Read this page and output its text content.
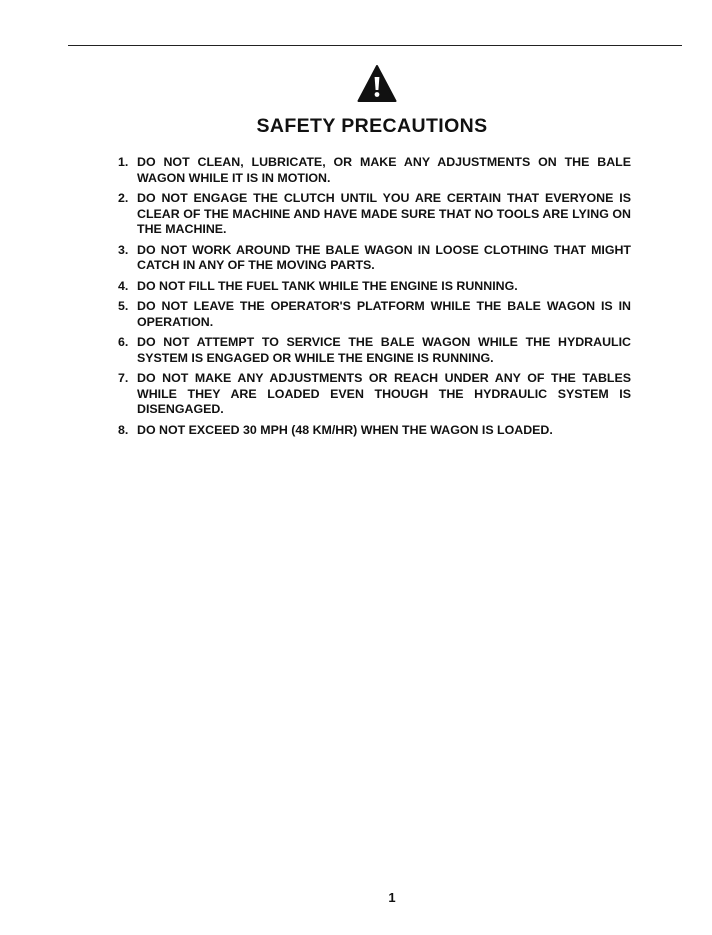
SAFETY PRECAUTIONS
1. DO NOT CLEAN, LUBRICATE, OR MAKE ANY ADJUSTMENTS ON THE BALE WAGON WHILE IT IS IN MOTION.
2. DO NOT ENGAGE THE CLUTCH UNTIL YOU ARE CERTAIN THAT EVERYONE IS CLEAR OF THE MACHINE AND HAVE MADE SURE THAT NO TOOLS ARE LYING ON THE MACHINE.
3. DO NOT WORK AROUND THE BALE WAGON IN LOOSE CLOTHING THAT MIGHT CATCH IN ANY OF THE MOVING PARTS.
4. DO NOT FILL THE FUEL TANK WHILE THE ENGINE IS RUNNING.
5. DO NOT LEAVE THE OPERATOR'S PLATFORM WHILE THE BALE WAGON IS IN OPERATION.
6. DO NOT ATTEMPT TO SERVICE THE BALE WAGON WHILE THE HYDRAULIC SYSTEM IS ENGAGED OR WHILE THE ENGINE IS RUNNING.
7. DO NOT MAKE ANY ADJUSTMENTS OR REACH UNDER ANY OF THE TABLES WHILE THEY ARE LOADED EVEN THOUGH THE HYDRAULIC SYSTEM IS DISENGAGED.
8. DO NOT EXCEED 30 MPH (48 KM/HR) WHEN THE WAGON IS LOADED.
1
